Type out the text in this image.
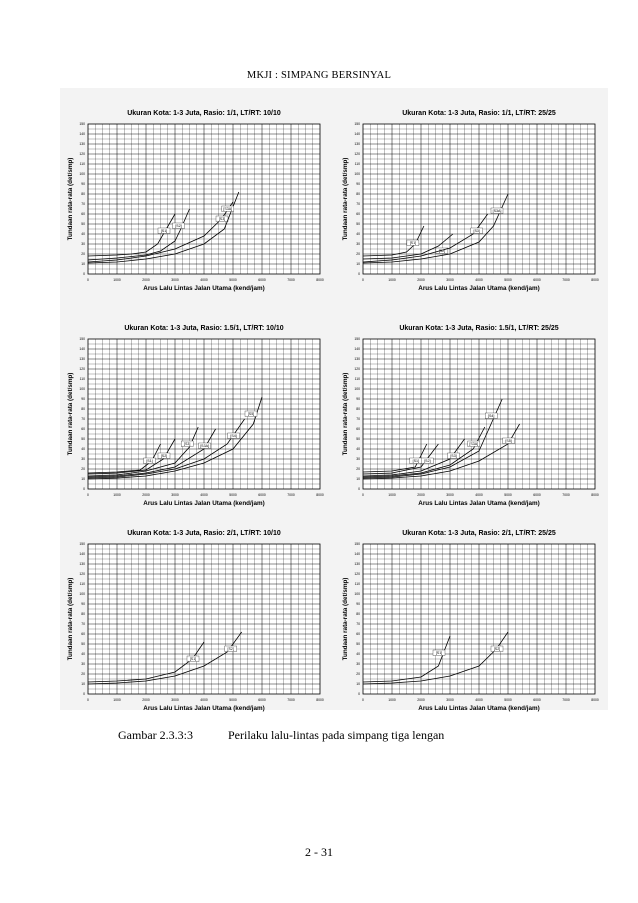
MKJI : SIMPANG BERSINYAL
Ukuran Kota: 1-3 Juta, Rasio: 1/1, LT/RT: 10/10
0
10
20
30
40
50
60
70
80
90
100
110
120
130
140
150
0	1000	2000	3000	4000	5000	6000	7000	8000
Tundaan rata-rata (det/smp)
Arus Lalu Lintas Jalan Utama (kend/jam)
[S1]
[S2]
[S3]
[S3A]
Ukuran Kota: 1-3 Juta, Rasio: 1/1, LT/RT: 25/25
0
10
20
30
40
50
60
70
80
90
100
110
120
130
140
150
0	1000	2000	3000	4000	5000	6000	7000	8000
Tundaan rata-rata (det/smp)
Arus Lalu Lintas Jalan Utama (kend/jam)
[S1]
[S2]
[S3]
[S3A]
Ukuran Kota: 1-3 Juta, Rasio: 1.5/1, LT/RT: 10/10
0
10
20
30
40
50
60
70
80
90
100
110
120
130
140
150
0	1000	2000	3000	4000	5000	6000	7000	8000
Tundaan rata-rata (det/smp)
Arus Lalu Lintas Jalan Utama (kend/jam)
[S1]
[S2]
[S3]	[S3A]
[S4]
[S5]
Ukuran Kota: 1-3 Juta, Rasio: 1.5/1, LT/RT: 25/25
0
10
20
30
40
50
60
70
80
90
100
110
120
130
140
150
0	1000	2000	3000	4000	5000	6000	7000	8000
Tundaan rata-rata (det/smp)
Arus Lalu Lintas Jalan Utama (kend/jam)
[S1] [S2]
[S3]
[S3A]
[S4]
[S5]
Ukuran Kota: 1-3 Juta, Rasio: 2/1, LT/RT: 10/10
0
10
20
30
40
50
60
70
80
90
100
110
120
130
140
150
0	1000	2000	3000	4000	5000	6000	7000	8000
Tundaan rata-rata (det/smp)
Arus Lalu Lintas Jalan Utama (kend/jam)
[S1]
[S2]
Ukuran Kota: 1-3 Juta, Rasio: 2/1, LT/RT: 25/25
0
10
20
30
40
50
60
70
80
90
100
110
120
130
140
150
0	1000	2000	3000	4000	5000	6000	7000	8000
Tundaan rata-rata (det/smp)
Arus Lalu Lintas Jalan Utama (kend/jam)
[S1]
[S2]
Gambar 2.3.3:3	Perilaku lalu-lintas pada simpang tiga lengan
2 - 31
